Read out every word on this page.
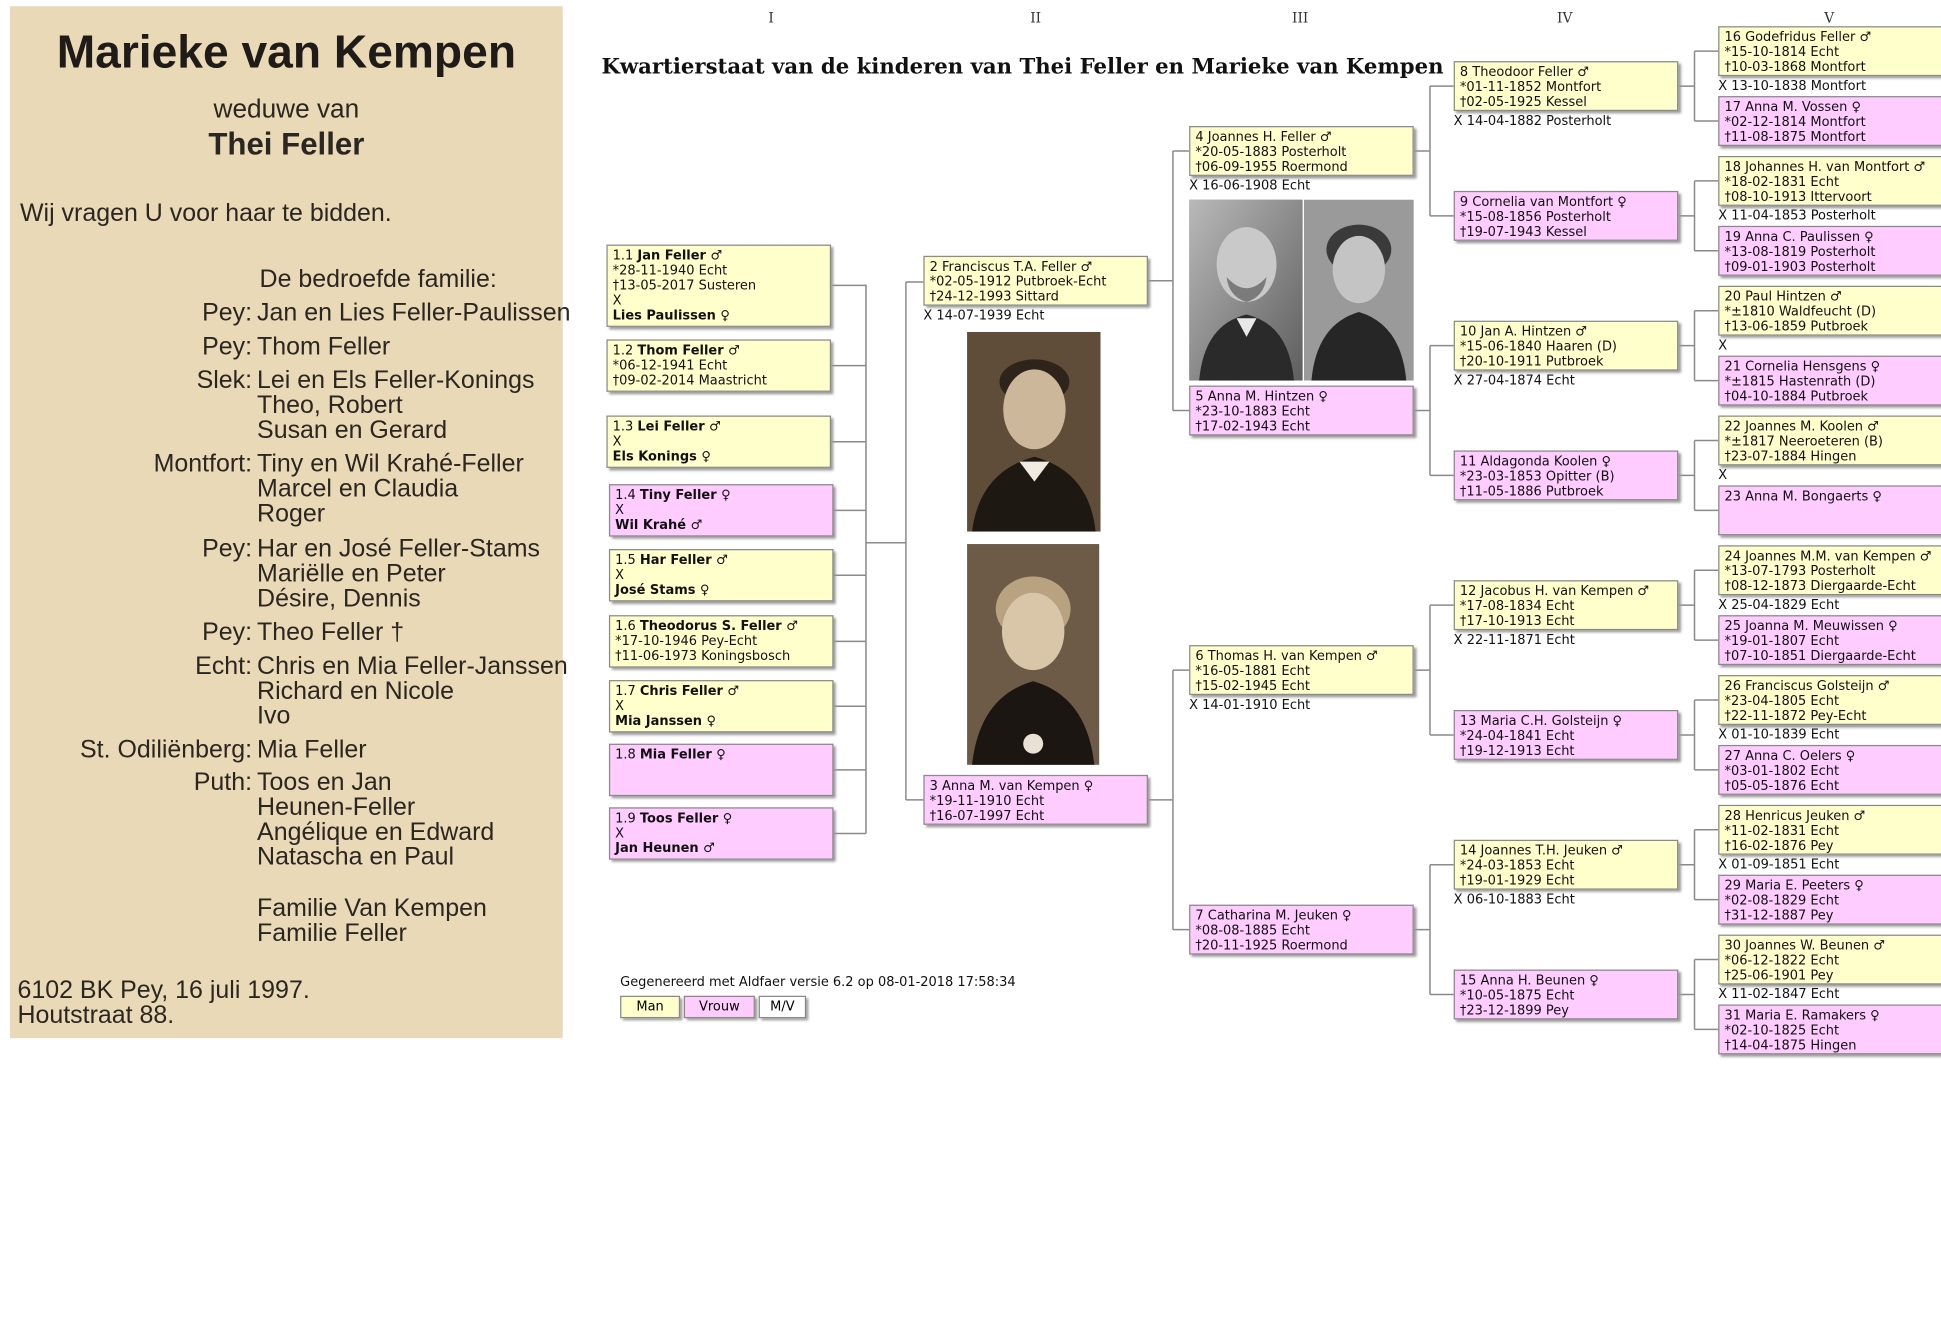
Marieke van Kempen
weduwe van
Thei Feller
Wij vragen U voor haar te bidden.
De bedroefde familie:
Pey: Jan en Lies Feller-Paulissen
Pey: Thom Feller
Slek: Lei en Els Feller-Konings
Theo, Robert
Susan en Gerard
Montfort: Tiny en Wil Krahé-Feller
Marcel en Claudia
Roger
Pey: Har en José Feller-Stams
Mariëlle en Peter
Désire, Dennis
Pey: Theo Feller †
Echt: Chris en Mia Feller-Janssen
Richard en Nicole
Ivo
St. Odiliënberg: Mia Feller
Puth: Toos en Jan
Heunen-Feller
Angélique en Edward
Natascha en Paul
Familie Van Kempen
Familie Feller
6102 BK Pey, 16 juli 1997.
Houtstraat 88.
I	II	III	IV	V
Kwartierstaat van de kinderen van Thei Feller en Marieke van Kempen
1.1 Jan Feller ♂
*28-11-1940 Echt
†13-05-2017 Susteren
X
Lies Paulissen ♀
1.2 Thom Feller ♂
*06-12-1941 Echt
†09-02-2014 Maastricht
1.3 Lei Feller ♂
X
Els Konings ♀
1.4 Tiny Feller ♀
X
Wil Krahé ♂
1.5 Har Feller ♂
X
José Stams ♀
1.6 Theodorus S. Feller ♂
*17-10-1946 Pey-Echt
†11-06-1973 Koningsbosch
1.7 Chris Feller ♂
X
Mia Janssen ♀
1.8 Mia Feller ♀
1.9 Toos Feller ♀
X
Jan Heunen ♂
2 Franciscus T.A. Feller ♂
*02-05-1912 Putbroek-Echt
†24-12-1993 Sittard
X 14-07-1939 Echt
3 Anna M. van Kempen ♀
*19-11-1910 Echt
†16-07-1997 Echt
4 Joannes H. Feller ♂
*20-05-1883 Posterholt
†06-09-1955 Roermond
X 16-06-1908 Echt
5 Anna M. Hintzen ♀
*23-10-1883 Echt
†17-02-1943 Echt
6 Thomas H. van Kempen ♂
*16-05-1881 Echt
†15-02-1945 Echt
X 14-01-1910 Echt
7 Catharina M. Jeuken ♀
*08-08-1885 Echt
†20-11-1925 Roermond
8 Theodoor Feller ♂
*01-11-1852 Montfort
†02-05-1925 Kessel
X 14-04-1882 Posterholt
9 Cornelia van Montfort ♀
*15-08-1856 Posterholt
†19-07-1943 Kessel
10 Jan A. Hintzen ♂
*15-06-1840 Haaren (D)
†20-10-1911 Putbroek
X 27-04-1874 Echt
11 Aldagonda Koolen ♀
*23-03-1853 Opitter (B)
†11-05-1886 Putbroek
12 Jacobus H. van Kempen ♂
*17-08-1834 Echt
†17-10-1913 Echt
X 22-11-1871 Echt
13 Maria C.H. Golsteijn ♀
*24-04-1841 Echt
†19-12-1913 Echt
14 Joannes T.H. Jeuken ♂
*24-03-1853 Echt
†19-01-1929 Echt
X 06-10-1883 Echt
15 Anna H. Beunen ♀
*10-05-1875 Echt
†23-12-1899 Pey
16 Godefridus Feller ♂
*15-10-1814 Echt
†10-03-1868 Montfort
X 13-10-1838 Montfort
17 Anna M. Vossen ♀
*02-12-1814 Montfort
†11-08-1875 Montfort
18 Johannes H. van Montfort ♂
*18-02-1831 Echt
†08-10-1913 Ittervoort
X 11-04-1853 Posterholt
19 Anna C. Paulissen ♀
*13-08-1819 Posterholt
†09-01-1903 Posterholt
20 Paul Hintzen ♂
*±1810 Waldfeucht (D)
†13-06-1859 Putbroek
X
21 Cornelia Hensgens ♀
*±1815 Hastenrath (D)
†04-10-1884 Putbroek
22 Joannes M. Koolen ♂
*±1817 Neeroeteren (B)
†23-07-1884 Hingen
X
23 Anna M. Bongaerts ♀
24 Joannes M.M. van Kempen ♂
*13-07-1793 Posterholt
†08-12-1873 Diergaarde-Echt
X 25-04-1829 Echt
25 Joanna M. Meuwissen ♀
*19-01-1807 Echt
†07-10-1851 Diergaarde-Echt
26 Franciscus Golsteijn ♂
*23-04-1805 Echt
†22-11-1872 Pey-Echt
X 01-10-1839 Echt
27 Anna C. Oelers ♀
*03-01-1802 Echt
†05-05-1876 Echt
28 Henricus Jeuken ♂
*11-02-1831 Echt
†16-02-1876 Pey
X 01-09-1851 Echt
29 Maria E. Peeters ♀
*02-08-1829 Echt
†31-12-1887 Pey
30 Joannes W. Beunen ♂
*06-12-1822 Echt
†25-06-1901 Pey
X 11-02-1847 Echt
31 Maria E. Ramakers ♀
*02-10-1825 Echt
†14-04-1875 Hingen
Gegenereerd met Aldfaer versie 6.2 op 08-01-2018 17:58:34
Man	Vrouw	M/V
